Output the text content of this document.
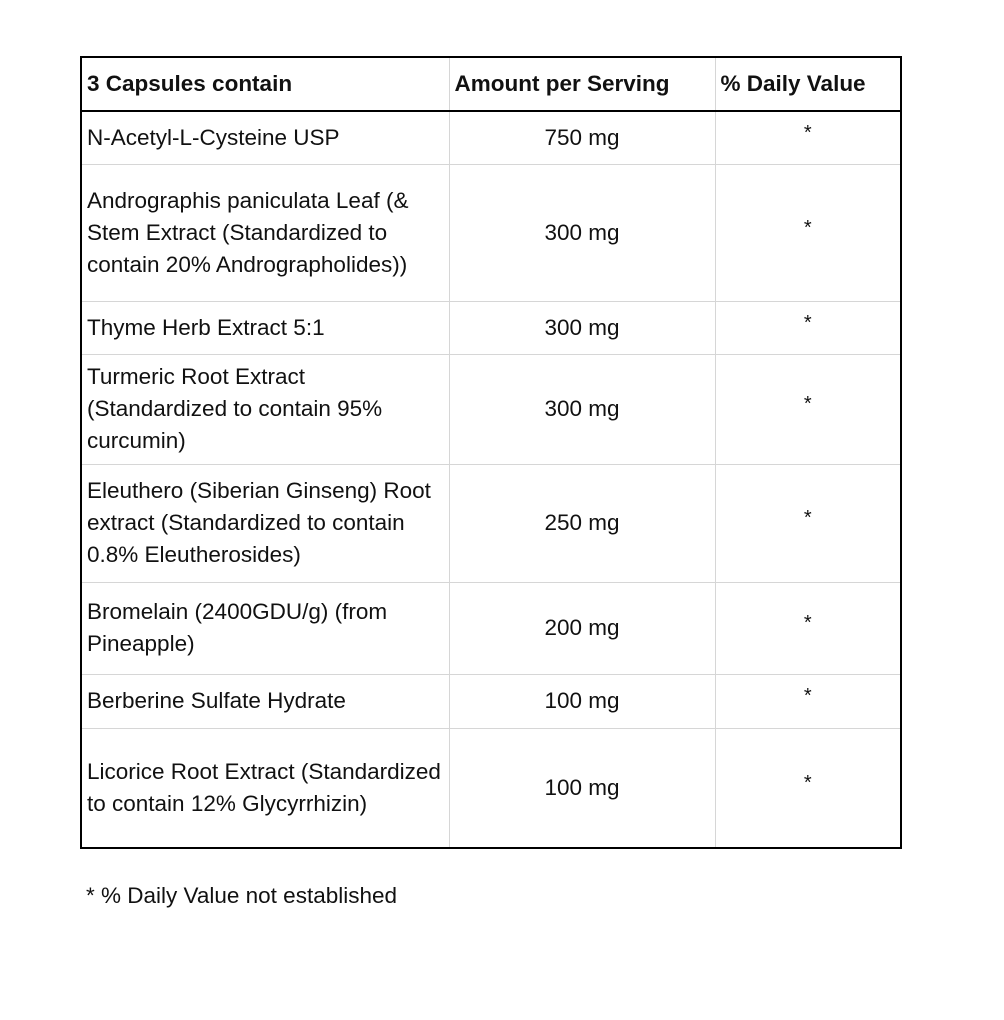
3 Capsules contain	Amount per Serving	% Daily Value
N-Acetyl-L-Cysteine USP	750 mg	*
Andrographis paniculata Leaf (& Stem Extract (Standardized to contain 20% Andrographolides))	300 mg	*
Thyme Herb Extract 5:1	300 mg	*
Turmeric Root Extract (Standardized to contain 95% curcumin)	300 mg	*
Eleuthero (Siberian Ginseng) Root extract (Standardized to contain 0.8% Eleutherosides)	250 mg	*
Bromelain (2400GDU/g) (from Pineapple)	200 mg	*
Berberine Sulfate Hydrate	100 mg	*
Licorice Root Extract (Standardized to contain 12% Glycyrrhizin)	100 mg	*
* % Daily Value not established
